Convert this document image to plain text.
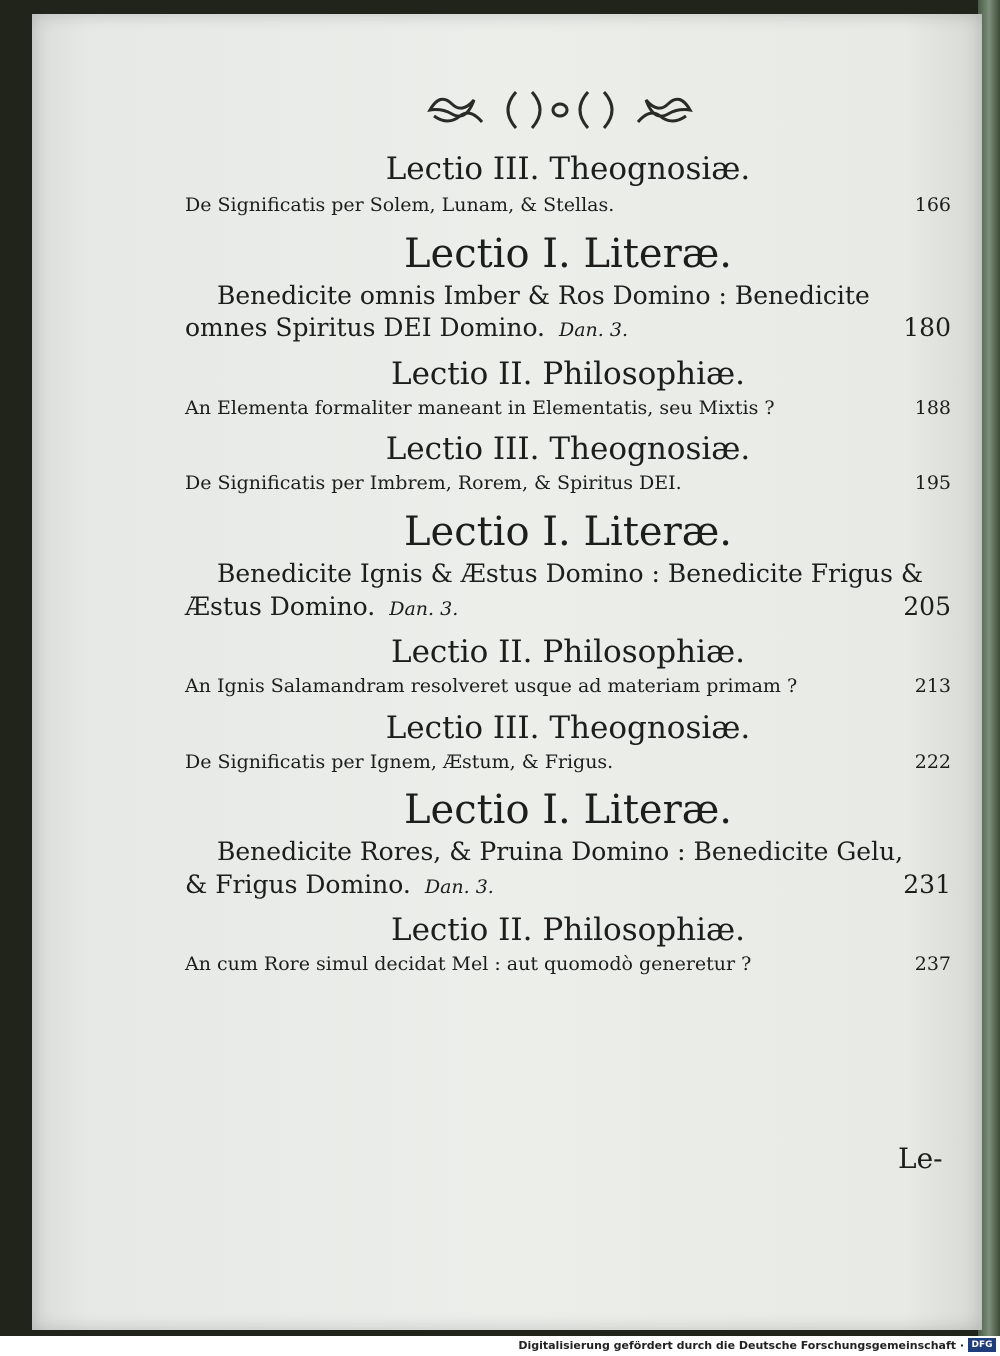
Lectio III. Theognosiæ.
De Significatis per Solem, Lunam, & Stellas.	166
Lectio I. Literæ.
Benedicite omnis Imber & Ros Domino : Benedicite
omnes Spiritus DEI Domino. Dan. 3.	180
Lectio II. Philosophiæ.
An Elementa formaliter maneant in Elementatis, seu Mixtis ?	188
Lectio III. Theognosiæ.
De Significatis per Imbrem, Rorem, & Spiritus DEI.	195
Lectio I. Literæ.
Benedicite Ignis & Æstus Domino : Benedicite Frigus &
Æstus Domino. Dan. 3.	205
Lectio II. Philosophiæ.
An Ignis Salamandram resolveret usque ad materiam primam ?	213
Lectio III. Theognosiæ.
De Significatis per Ignem, Æstum, & Frigus.	222
Lectio I. Literæ.
Benedicite Rores, & Pruina Domino : Benedicite Gelu,
& Frigus Domino. Dan. 3.	231
Lectio II. Philosophiæ.
An cum Rore simul decidat Mel : aut quomodò generetur ?	237
Le-
Digitalisierung gefördert durch die Deutsche Forschungsgemeinschaft · DFG
